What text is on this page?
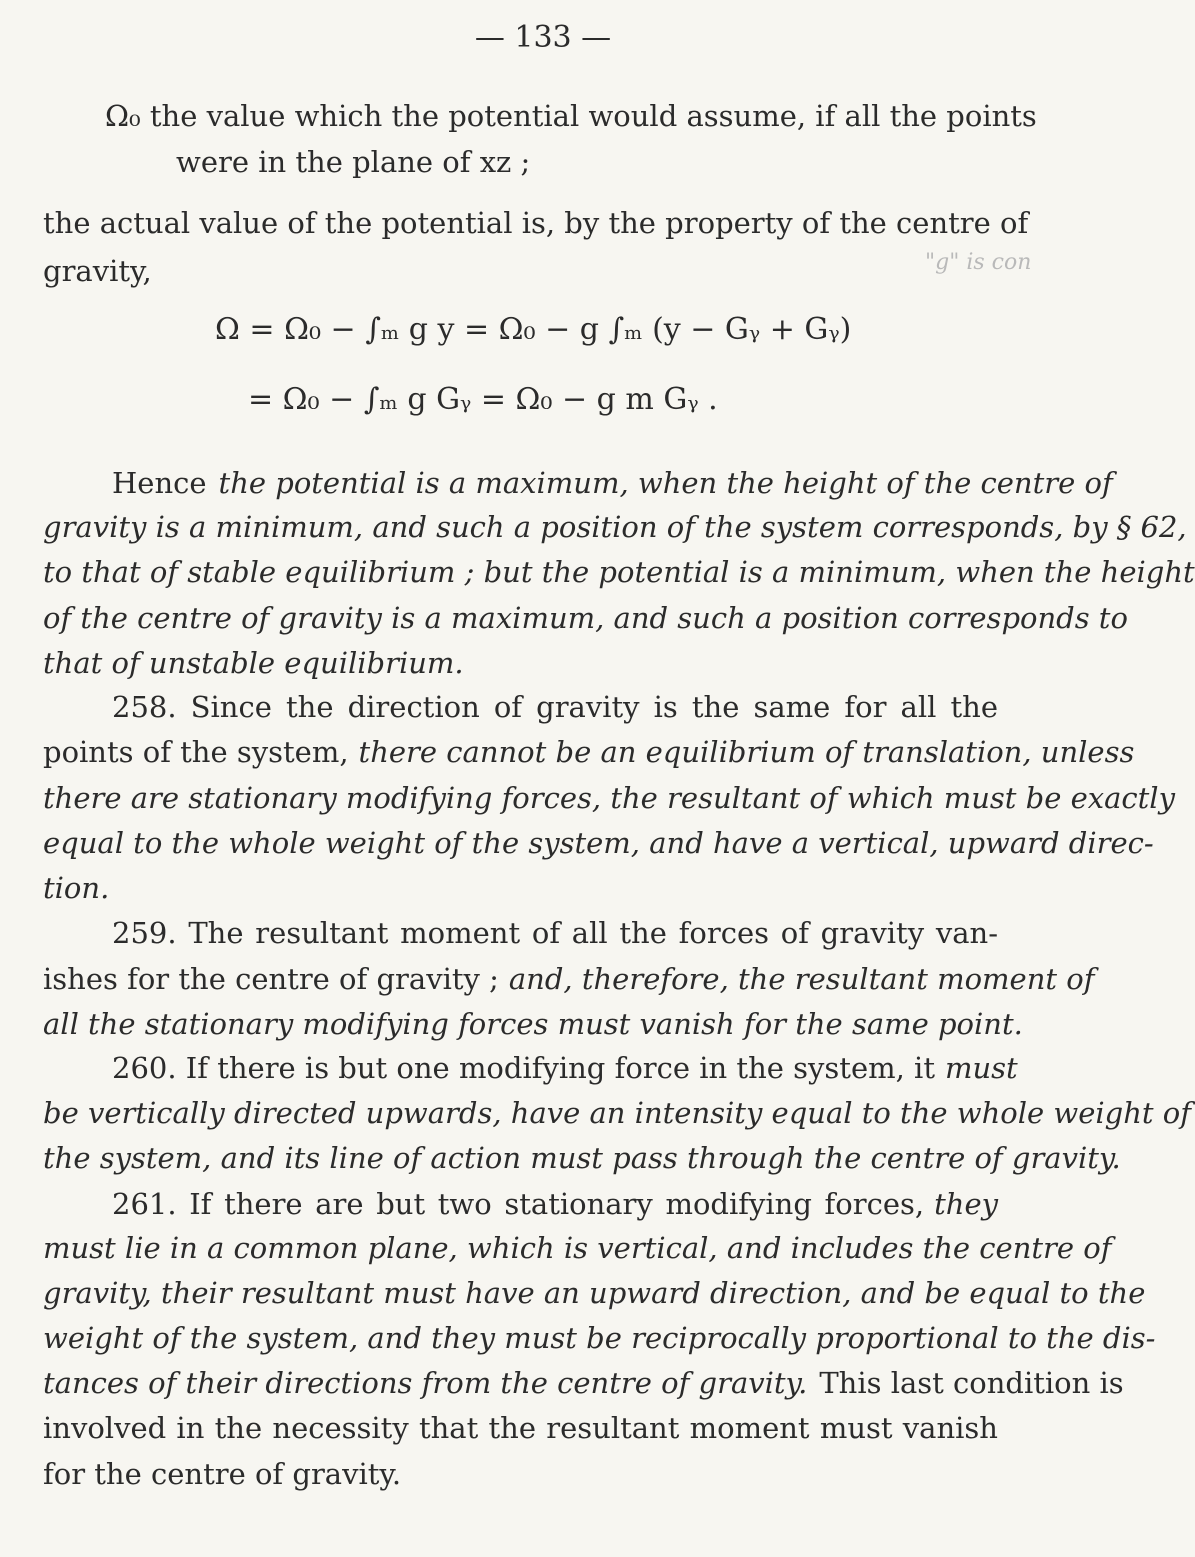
— 133 —

"g" is con

Ω₀ the value which the potential would assume, if all the points

were in the plane of xz ;

the actual value of the potential is, by the property of the centre of

gravity,

Ω = Ω₀ − ∫ₘ g y = Ω₀ − g ∫ₘ (y − Gᵧ + Gᵧ)
= Ω₀ − ∫ₘ g Gᵧ = Ω₀ − g m Gᵧ .

Hence the potential is a maximum, when the height of the centre of

gravity is a minimum, and such a position of the system corresponds, by § 62,

to that of stable equilibrium ; but the potential is a minimum, when the height

of the centre of gravity is a maximum, and such a position corresponds to

that of unstable equilibrium.

258. Since the direction of gravity is the same for all the

points of the system, there cannot be an equilibrium of translation, unless

there are stationary modifying forces, the resultant of which must be exactly

equal to the whole weight of the system, and have a vertical, upward direc-

tion.

259. The resultant moment of all the forces of gravity van-

ishes for the centre of gravity ; and, therefore, the resultant moment of

all the stationary modifying forces must vanish for the same point.

260. If there is but one modifying force in the system, it must

be vertically directed upwards, have an intensity equal to the whole weight of

the system, and its line of action must pass through the centre of gravity.

261. If there are but two stationary modifying forces, they

must lie in a common plane, which is vertical, and includes the centre of

gravity, their resultant must have an upward direction, and be equal to the

weight of the system, and they must be reciprocally proportional to the dis-

tances of their directions from the centre of gravity. This last condition is

involved in the necessity that the resultant moment must vanish

for the centre of gravity.
